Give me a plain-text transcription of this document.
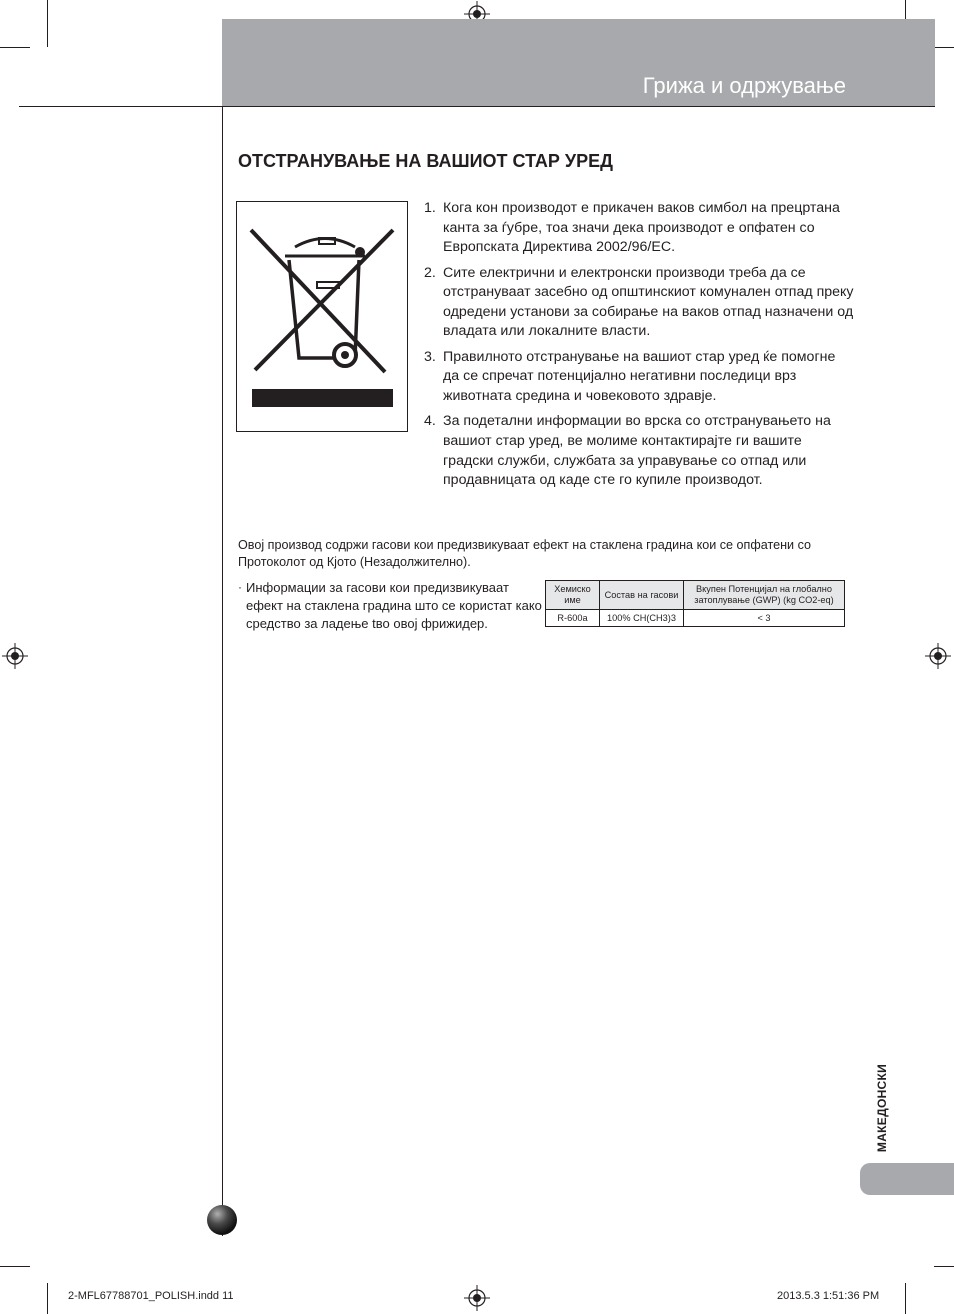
Грижа и одржување
ОТСТРАНУВАЊЕ НА ВАШИОТ СТАР УРЕД
1. Кога кон производот е прикачен ваков симбол на прецртана канта за ѓубре, тоа значи дека производот е опфатен со Европската Директива 2002/96/EC.
2. Сите електрични и електронски производи треба да се отстрануваат засебно од општинскиот комунален отпад преку одредени установи за собирање на ваков отпад назначени од владата или локалните власти.
3. Правилното отстранување на вашиот стар уред ќе помогне да се спречат потенцијално негативни последици врз животната средина и човековото здравје.
4. За подетални информации во врска со отстранувањето на вашиот стар уред, ве молиме контактирајте ги вашите градски служби, службата за управување со отпад или продавницата од каде сте го купиле производот.
Овој производ содржи гасови кои предизвикуваат ефект на стаклена градина кои се опфатени со Протоколот од Кјото (Незадолжително).
· Информации за гасови кои предизвикуваат ефект на стаклена градина што се користат како средство за ладење tво овој фрижидер.
Хемиско име	Состав на гасови	Вкупен Потенцијал на глобално затоплување (GWP) (kg CO2-eq)
R-600a	100% CH(CH3)3	< 3
МАКЕДОНСКИ
2-MFL67788701_POLISH.indd 11	2013.5.3 1:51:36 PM
